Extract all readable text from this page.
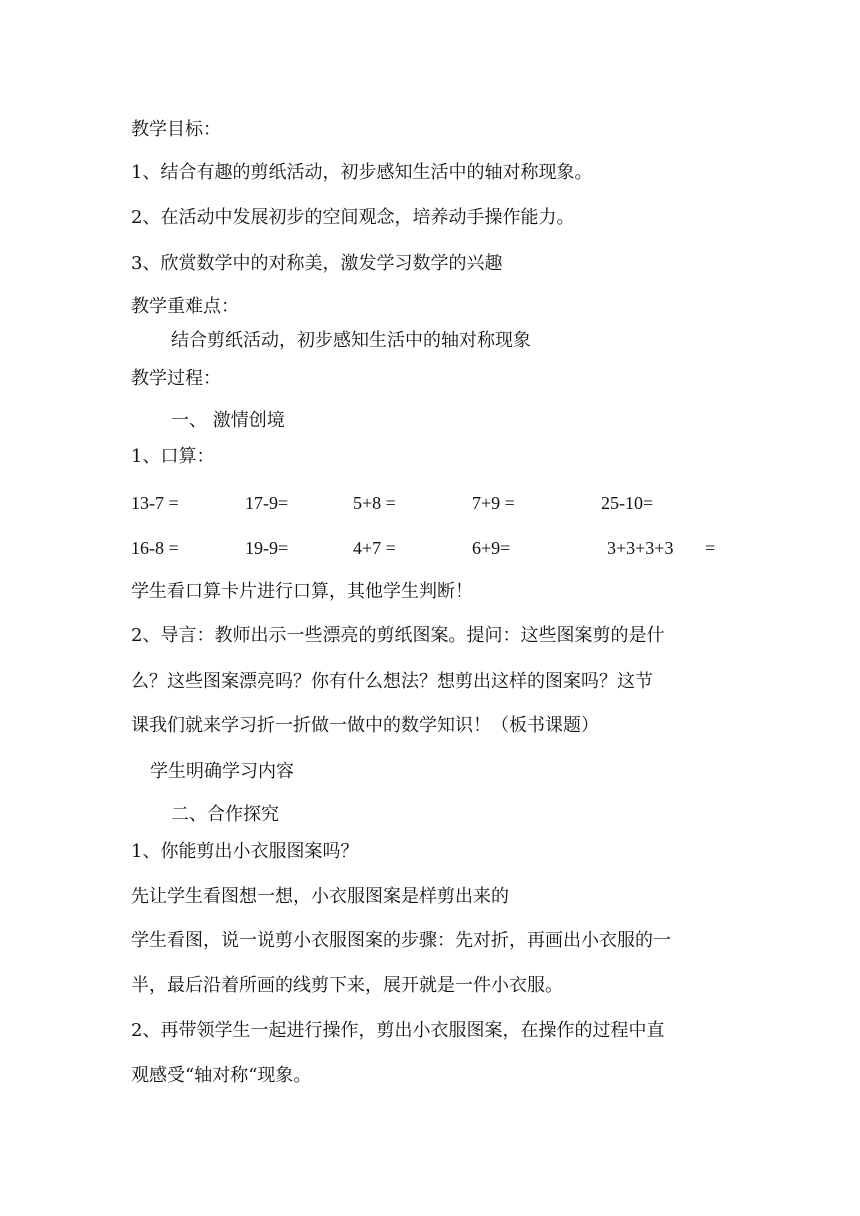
教学目标：
1、结合有趣的剪纸活动，初步感知生活中的轴对称现象。
2、在活动中发展初步的空间观念，培养动手操作能力。
3、欣赏数学中的对称美，激发学习数学的兴趣
教学重难点：
结合剪纸活动，初步感知生活中的轴对称现象
教学过程：
一、 激情创境
1、口算：
13-7 =	17-9=	5+8 =	7+9 =	25-10=
16-8 =	19-9=	4+7 =	6+9=	3+3+3+3 =
学生看口算卡片进行口算，其他学生判断！
2、导言：教师出示一些漂亮的剪纸图案。提问：这些图案剪的是什
么？这些图案漂亮吗？你有什么想法？想剪出这样的图案吗？这节
课我们就来学习折一折做一做中的数学知识！（板书课题）
学生明确学习内容
二、合作探究
1、你能剪出小衣服图案吗？
先让学生看图想一想，小衣服图案是样剪出来的
学生看图，说一说剪小衣服图案的步骤：先对折，再画出小衣服的一
半，最后沿着所画的线剪下来，展开就是一件小衣服。
2、再带领学生一起进行操作，剪出小衣服图案，在操作的过程中直
观感受“轴对称“现象。
